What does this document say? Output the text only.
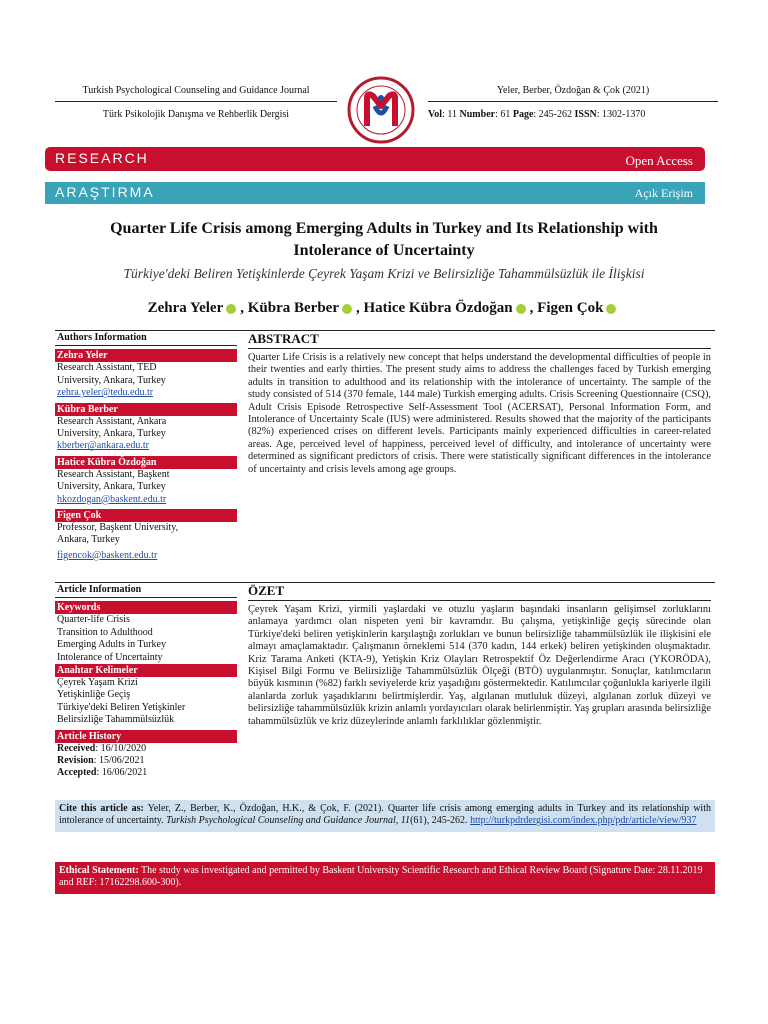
Turkish Psychological Counseling and Guidance Journal
Türk Psikolojik Danışma ve Rehberlik Dergisi
Yeler, Berber, Özdoğan & Çok (2021)
Vol: 11 Number: 61 Page: 245-262 ISSN: 1302-1370
RESEARCH	Open Access
ARAŞTIRMA	Açık Erişim
Quarter Life Crisis among Emerging Adults in Turkey and Its Relationship with
Intolerance of Uncertainty
Türkiye'deki Beliren Yetişkinlerde Çeyrek Yaşam Krizi ve Belirsizliğe Tahammülsüzlük ile İlişkisi
Zehra Yeler , Kübra Berber , Hatice Kübra Özdoğan , Figen Çok
Authors Information
Zehra Yeler
Research Assistant, TED
University, Ankara, Turkey
zehra.yeler@tedu.edu.tr
Kübra Berber
Research Assistant, Ankara
University, Ankara, Turkey
kberber@ankara.edu.tr
Hatice Kübra Özdoğan
Research Assistant, Başkent
University, Ankara, Turkey
hkozdogan@baskent.edu.tr
Figen Çok
Professor, Başkent University,
Ankara, Turkey
figencok@baskent.edu.tr
ABSTRACT
Quarter Life Crisis is a relatively new concept that helps understand the developmental difficulties of people in their twenties and early thirties. The present study aims to address the challenges faced by Turkish emerging adults in transition to adulthood and its relationship with the intolerance of uncertainty. The sample of the study consisted of 514 (370 female, 144 male) Turkish emerging adults. Crisis Screening Questionnaire (CSQ), Adult Crisis Episode Retrospective Self-Assessment Tool (ACERSAT), Personal Information Form, and Intolerance of Uncertainty Scale (IUS) were administered. Results showed that the majority of the participants (82%) experienced crises on different levels. Participants mainly experienced difficulties in career-related areas. Age, perceived level of happiness, perceived level of difficulty, and intolerance of uncertainty were determined as significant predictors of crisis. There were statistically significant differences in the intolerance of uncertainty and crisis levels among age groups.
Article Information
Keywords
Quarter-life Crisis
Transition to Adulthood
Emerging Adults in Turkey
Intolerance of Uncertainty
Anahtar Kelimeler
Çeyrek Yaşam Krizi
Yetişkinliğe Geçiş
Türkiye'deki Beliren Yetişkinler
Belirsizliğe Tahammülsüzlük
Article History
Received: 16/10/2020
Revision: 15/06/2021
Accepted: 16/06/2021
ÖZET
Çeyrek Yaşam Krizi, yirmili yaşlardaki ve otuzlu yaşların başındaki insanların gelişimsel zorluklarını anlamaya yardımcı olan nispeten yeni bir kavramdır. Bu çalışma, yetişkinliğe geçiş sürecinde olan Türkiye'deki beliren yetişkinlerin karşılaştığı zorlukları ve bunun belirsizliğe tahammülsüzlük ile ilişkisini ele almayı amaçlamaktadır. Çalışmanın örneklemi 514 (370 kadın, 144 erkek) beliren yetişkinden oluşmaktadır. Kriz Tarama Anketi (KTA-9), Yetişkin Kriz Olayları Retrospektif Öz Değerlendirme Aracı (YKORÖDA), Kişisel Bilgi Formu ve Belirsizliğe Tahammülsüzlük Ölçeği (BTÖ) uygulanmıştır. Sonuçlar, katılımcıların büyük kısmının (%82) farklı seviyelerde kriz yaşadığını göstermektedir. Katılımcılar çoğunlukla kariyerle ilgili alanlarda zorluk yaşadıklarını belirtmişlerdir. Yaş, algılanan mutluluk düzeyi, algılanan zorluk düzeyi ve belirsizliğe tahammülsüzlük krizin anlamlı yordayıcıları olarak belirlenmiştir. Yaş grupları arasında belirsizliğe tahammülsüzlük ve kriz düzeylerinde anlamlı farklılıklar gözlenmiştir.
Cite this article as: Yeler, Z., Berber, K., Özdoğan, H.K., & Çok, F. (2021). Quarter life crisis among emerging adults in Turkey and its relationship with intolerance of uncertainty. Turkish Psychological Counseling and Guidance Journal, 11(61), 245-262. http://turkpdrdergisi.com/index.php/pdr/article/view/937
Ethical Statement: The study was investigated and permitted by Baskent University Scientific Research and Ethical Review Board (Signature Date: 28.11.2019 and REF: 17162298.600-300).
